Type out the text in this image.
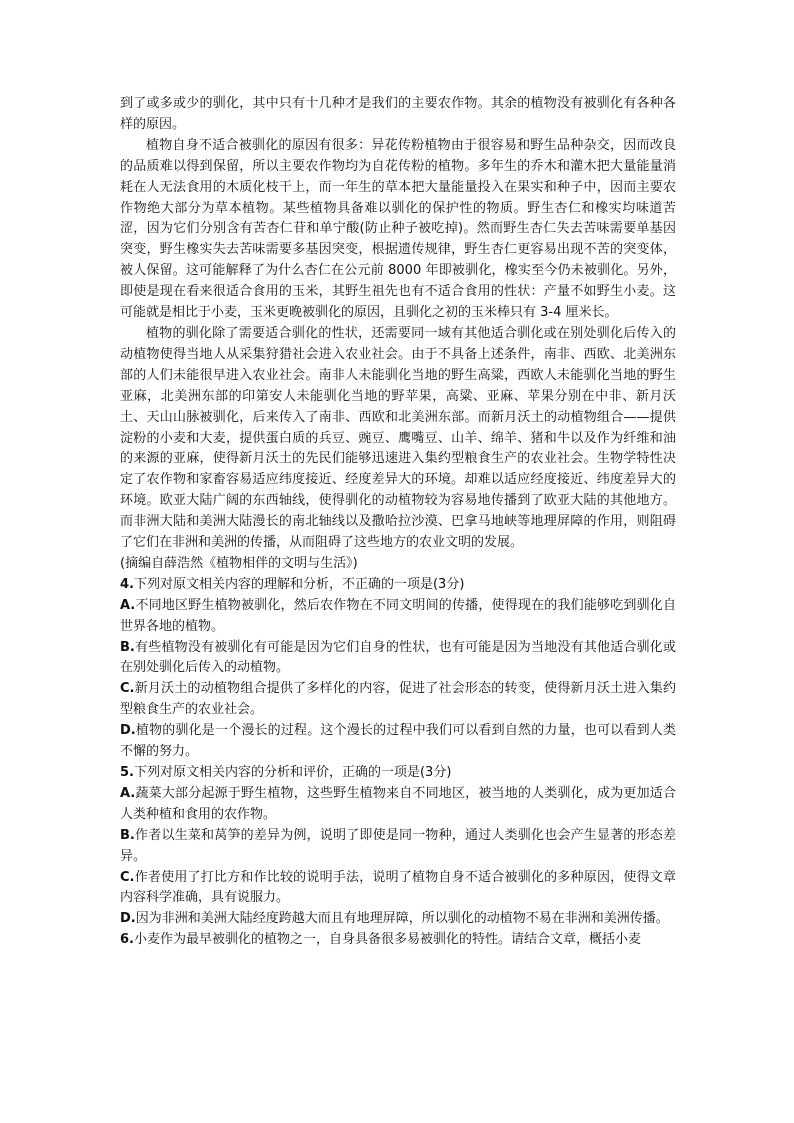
到了或多或少的驯化，其中只有十几种才是我们的主要农作物。其余的植物没有被驯化有各种各样的原因。

植物自身不适合被驯化的原因有很多：异花传粉植物由于很容易和野生品种杂交，因而改良的品质难以得到保留，所以主要农作物均为自花传粉的植物。多年生的乔木和灌木把大量能量消耗在人无法食用的木质化枝干上，而一年生的草本把大量能量投入在果实和种子中，因而主要农作物绝大部分为草本植物。某些植物具备难以驯化的保护性的物质。野生杏仁和橡实均味道苦涩，因为它们分别含有苦杏仁苷和单宁酸(防止种子被吃掉)。然而野生杏仁失去苦味需要单基因突变，野生橡实失去苦味需要多基因突变，根据遗传规律，野生杏仁更容易出现不苦的突变体，被人保留。这可能解释了为什么杏仁在公元前 8000 年即被驯化，橡实至今仍未被驯化。另外，即使是现在看来很适合食用的玉米，其野生祖先也有不适合食用的性状：产量不如野生小麦。这可能就是相比于小麦，玉米更晚被驯化的原因，且驯化之初的玉米棒只有 3-4 厘米长。

植物的驯化除了需要适合驯化的性状，还需要同一域有其他适合驯化或在别处驯化后传入的动植物使得当地人从采集狩猎社会进入农业社会。由于不具备上述条件，南非、西欧、北美洲东部的人们未能很早进入农业社会。南非人未能驯化当地的野生高粱，西欧人未能驯化当地的野生亚麻，北美洲东部的印第安人未能驯化当地的野苹果，高粱、亚麻、苹果分别在中非、新月沃土、天山山脉被驯化，后来传入了南非、西欧和北美洲东部。而新月沃土的动植物组合——提供淀粉的小麦和大麦，提供蛋白质的兵豆、豌豆、鹰嘴豆、山羊、绵羊、猪和牛以及作为纤维和油的来源的亚麻，使得新月沃土的先民们能够迅速进入集约型粮食生产的农业社会。生物学特性决定了农作物和家畜容易适应纬度接近、经度差异大的环境。却难以适应经度接近、纬度差异大的环境。欧亚大陆广阔的东西轴线，使得驯化的动植物较为容易地传播到了欧亚大陆的其他地方。而非洲大陆和美洲大陆漫长的南北轴线以及撒哈拉沙漠、巴拿马地峡等地理屏障的作用，则阻碍了它们在非洲和美洲的传播，从而阻碍了这些地方的农业文明的发展。

(摘编自薛浩然《植物相伴的文明与生活》)

4.下列对原文相关内容的理解和分析，不正确的一项是(3分)

A.不同地区野生植物被驯化，然后农作物在不同文明间的传播，使得现在的我们能够吃到驯化自世界各地的植物。

B.有些植物没有被驯化有可能是因为它们自身的性状，也有可能是因为当地没有其他适合驯化或在别处驯化后传入的动植物。

C.新月沃土的动植物组合提供了多样化的内容，促进了社会形态的转变，使得新月沃土进入集约型粮食生产的农业社会。

D.植物的驯化是一个漫长的过程。这个漫长的过程中我们可以看到自然的力量，也可以看到人类不懈的努力。

5.下列对原文相关内容的分析和评价，正确的一项是(3分)

A.蔬菜大部分起源于野生植物，这些野生植物来自不同地区，被当地的人类驯化，成为更加适合人类种植和食用的农作物。

B.作者以生菜和莴笋的差异为例，说明了即使是同一物种，通过人类驯化也会产生显著的形态差异。

C.作者使用了打比方和作比较的说明手法，说明了植物自身不适合被驯化的多种原因，使得文章内容科学准确，具有说服力。

D.因为非洲和美洲大陆经度跨越大而且有地理屏障，所以驯化的动植物不易在非洲和美洲传播。

6.小麦作为最早被驯化的植物之一，自身具备很多易被驯化的特性。请结合文章，概括小麦
